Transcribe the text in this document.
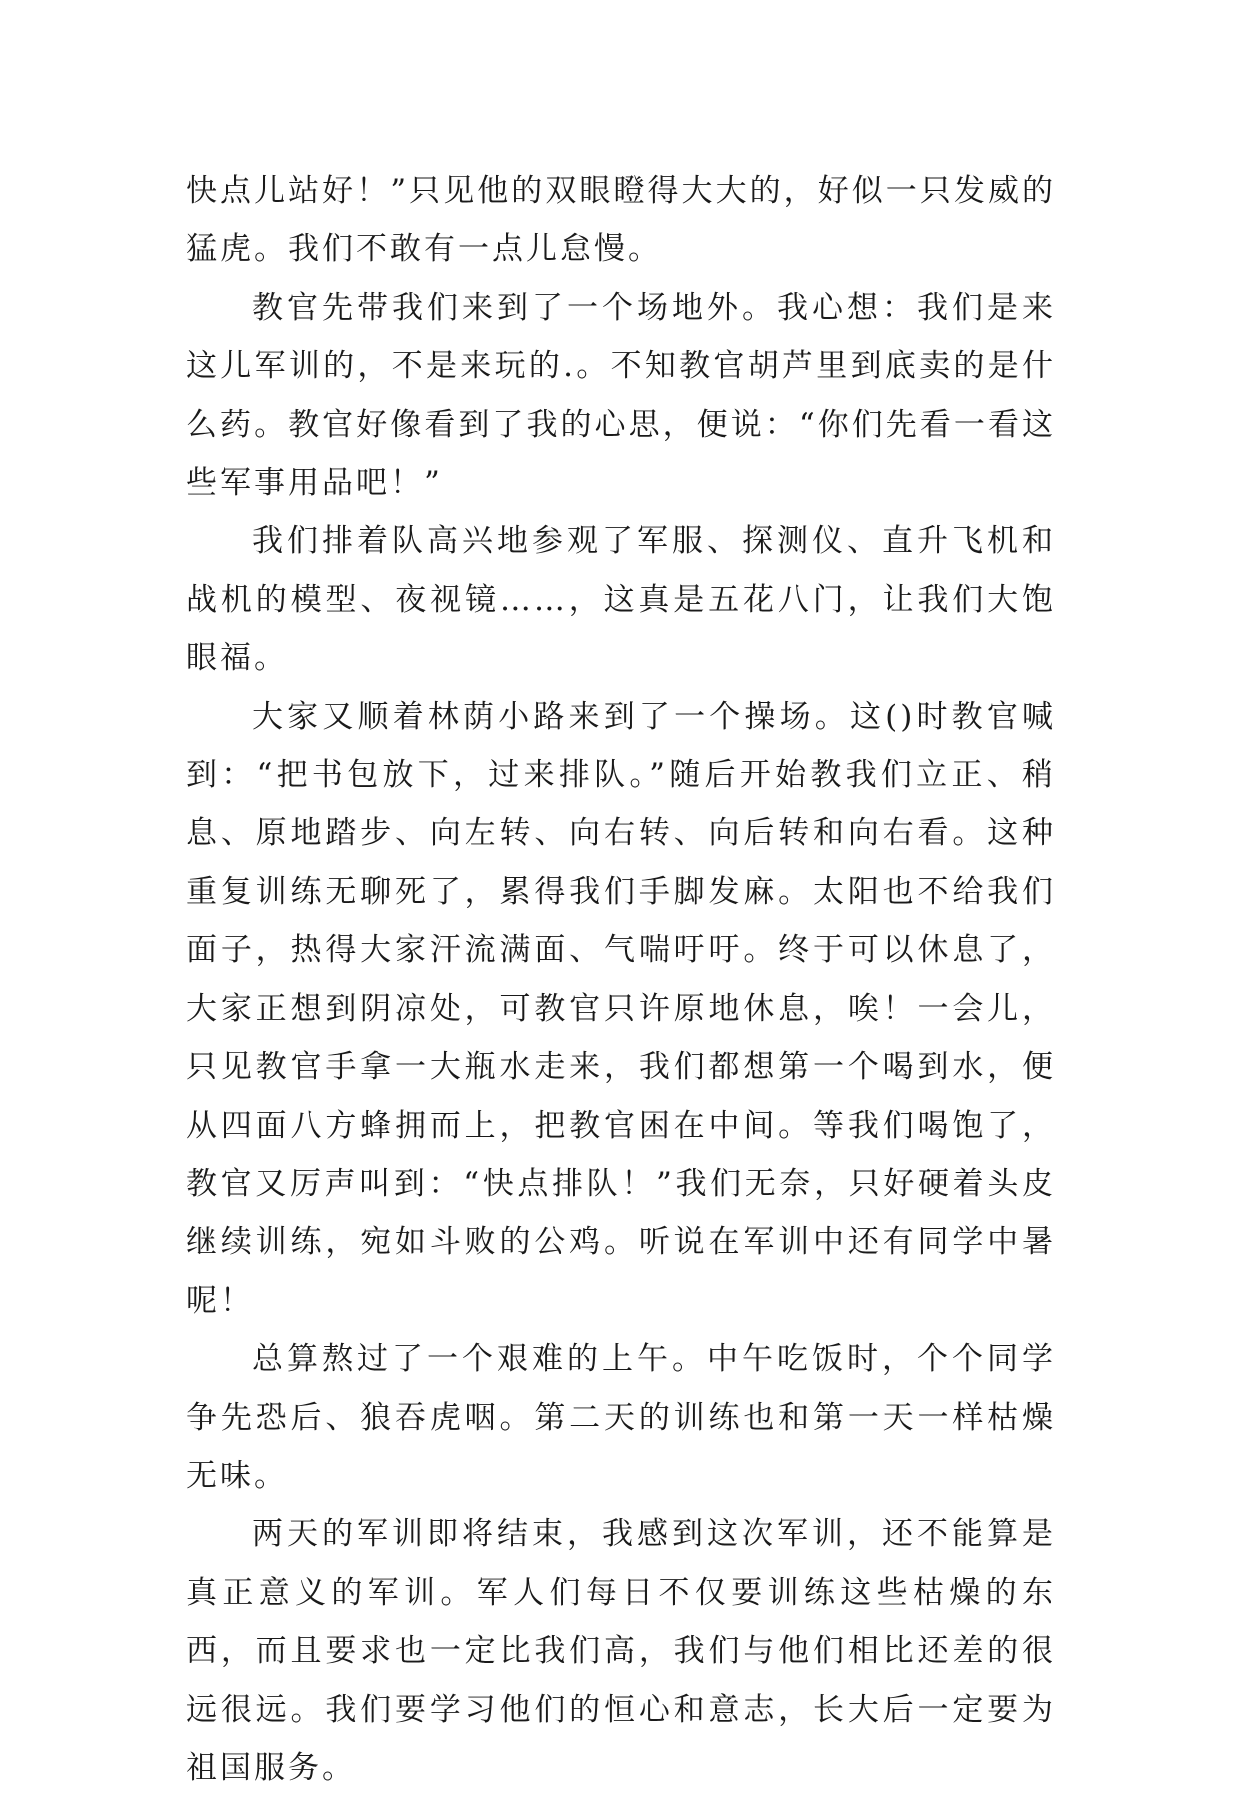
快点儿站好！”只见他的双眼瞪得大大的，好似一只发威的猛虎。我们不敢有一点儿怠慢。

教官先带我们来到了一个场地外。我心想：我们是来这儿军训的，不是来玩的.。不知教官胡芦里到底卖的是什么药。教官好像看到了我的心思，便说：“你们先看一看这些军事用品吧！”

我们排着队高兴地参观了军服、探测仪、直升飞机和战机的模型、夜视镜……，这真是五花八门，让我们大饱眼福。

大家又顺着林荫小路来到了一个操场。这()时教官喊到：“把书包放下，过来排队。”随后开始教我们立正、稍息、原地踏步、向左转、向右转、向后转和向右看。这种重复训练无聊死了，累得我们手脚发麻。太阳也不给我们面子，热得大家汗流满面、气喘吁吁。终于可以休息了，大家正想到阴凉处，可教官只许原地休息，唉！一会儿，只见教官手拿一大瓶水走来，我们都想第一个喝到水，便从四面八方蜂拥而上，把教官困在中间。等我们喝饱了，教官又厉声叫到：“快点排队！”我们无奈，只好硬着头皮继续训练，宛如斗败的公鸡。听说在军训中还有同学中暑呢！

总算熬过了一个艰难的上午。中午吃饭时，个个同学争先恐后、狼吞虎咽。第二天的训练也和第一天一样枯燥无味。

两天的军训即将结束，我感到这次军训，还不能算是真正意义的军训。军人们每日不仅要训练这些枯燥的东西，而且要求也一定比我们高，我们与他们相比还差的很远很远。我们要学习他们的恒心和意志，长大后一定要为祖国服务。
